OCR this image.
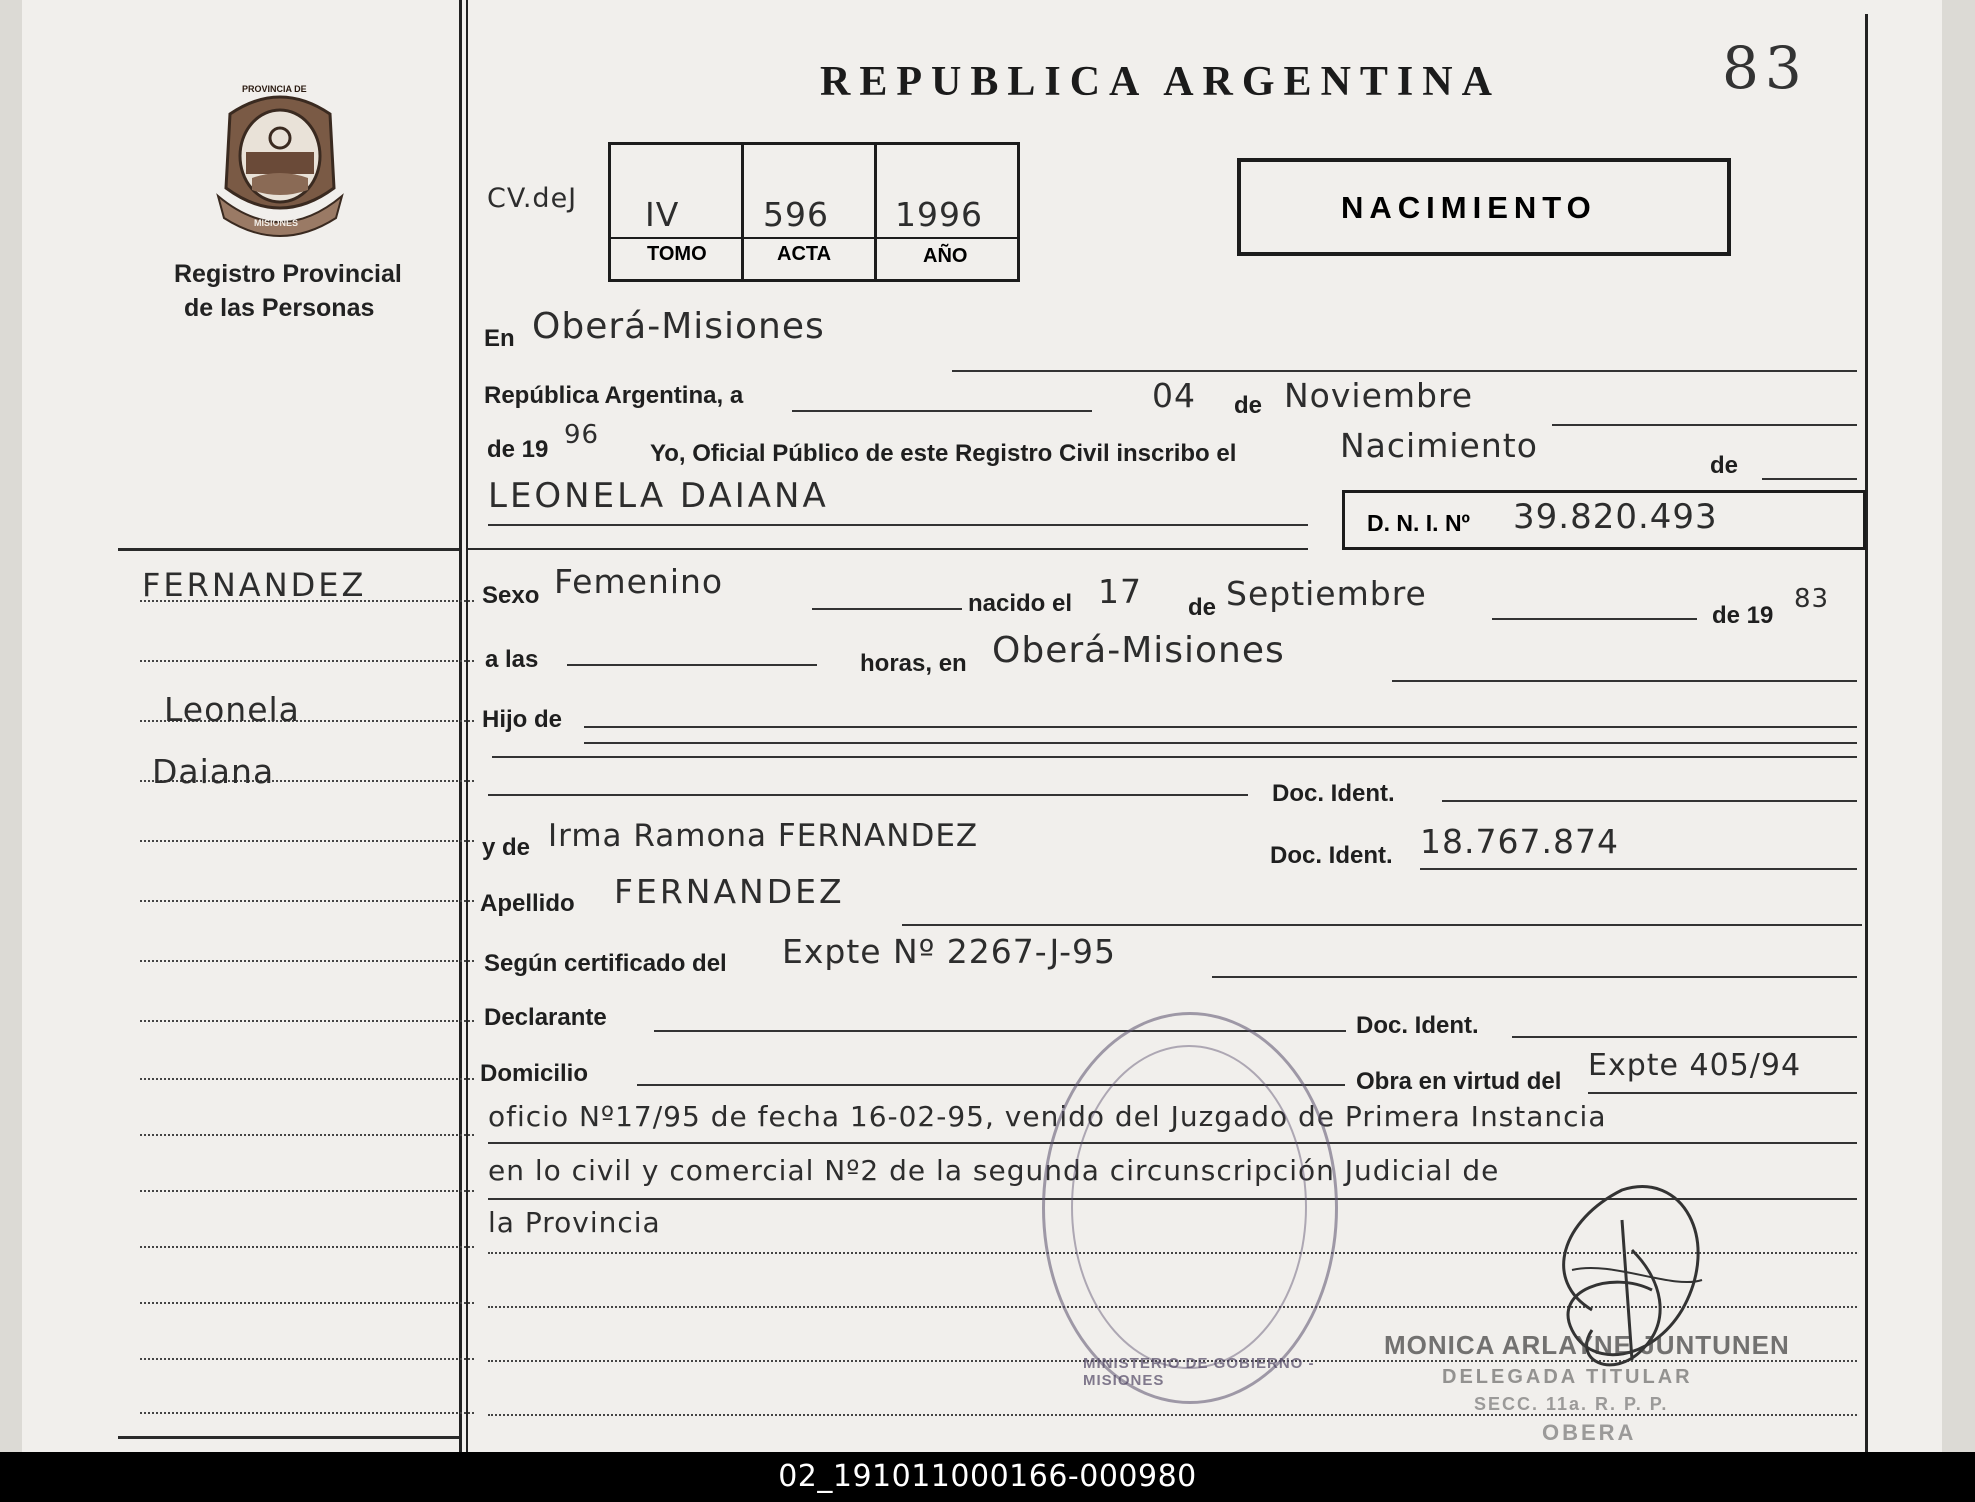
83
REPUBLICA ARGENTINA
PROVINCIA DE
MISIONES
Registro Provincial
de las Personas
CV.deJ IV	596 1996
TOMO	ACTA	AÑO
NACIMIENTO
En Oberá-Misiones
República Argentina, a	04 de Noviembre
de 19 96
Yo, Oficial Público de este Registro Civil inscribo el	Nacimiento
de
LEONELA DAIANA
D. N. I. Nº 39.820.493
FERNANDEZ
Leonela
Daiana
Sexo Femenino
nacido el 17 de Septiembre
de 19
83
a las	horas, en Oberá-Misiones
Hijo de
Doc. Ident.
y de Irma Ramona FERNANDEZ
Doc. Ident. 18.767.874
Apellido FERNANDEZ
Según certificado del Expte Nº 2267-J-95
Declarante	Doc. Ident.
Domicilio	Obra en virtud del Expte 405/94
oficio Nº17/95 de fecha 16-02-95, venido del Juzgado de Primera Instancia
en lo civil y comercial Nº2 de la segunda circunscripción Judicial de
la Provincia
MINISTERIO DE GOBIERNO - MISIONES
MONICA ARLAYNE JUNTUNEN
DELEGADA TITULAR
SECC. 11a. R. P. P.
OBERA
02_191011000166-000980
